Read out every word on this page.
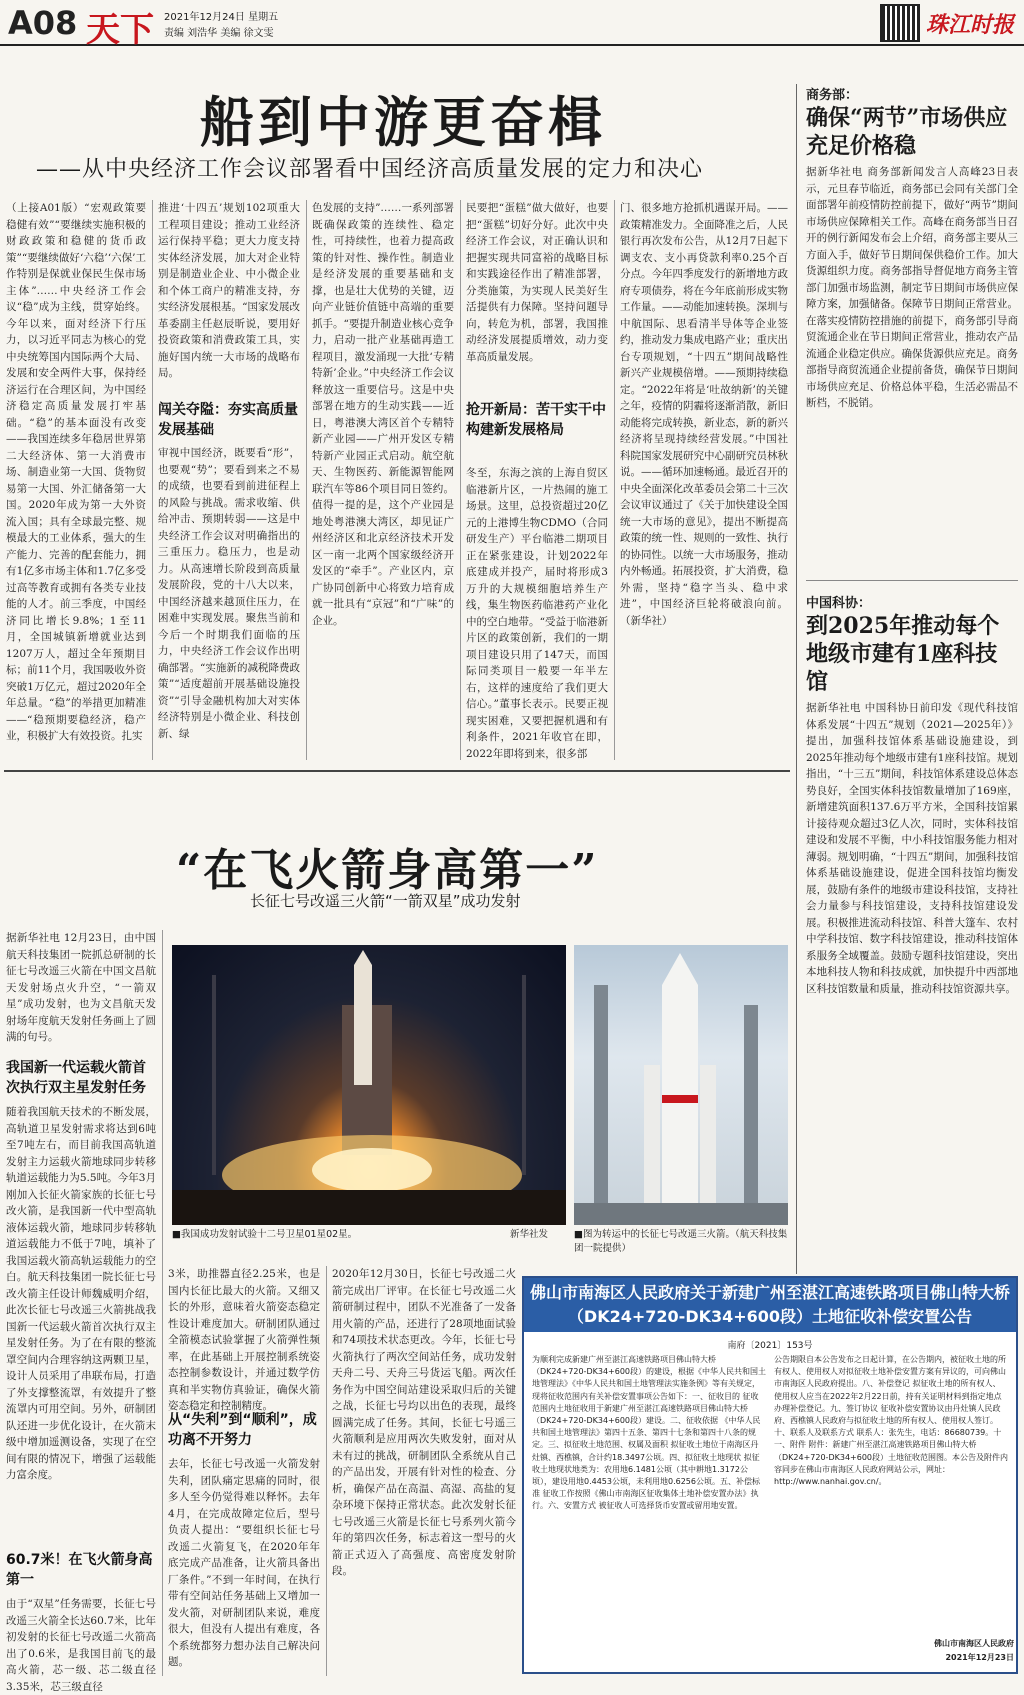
A08 天下 2021年12月24日 星期五
责编 刘浩华 美编 徐文雯	珠江时报
船到中游更奋楫
——从中央经济工作会议部署看中国经济高质量发展的定力和决心
（上接A01版）“宏观政策要稳健有效”“要继续实施积极的财政政策和稳健的货币政策”“要继续做好‘六稳’‘六保’工作特别是保就业保民生保市场主体”……中央经济工作会议“稳”成为主线，贯穿始终。今年以来，面对经济下行压力，以习近平同志为核心的党中央统筹国内国际两个大局、发展和安全两件大事，保持经济运行在合理区间，为中国经济稳定高质量发展打牢基础。“稳”的基本面没有改变——我国连续多年稳居世界第二大经济体、第一大消费市场、制造业第一大国、货物贸易第一大国、外汇储备第一大国。2020年成为第一大外资流入国；具有全球最完整、规模最大的工业体系，强大的生产能力、完善的配套能力，拥有1亿多市场主体和1.7亿多受过高等教育或拥有各类专业技能的人才。前三季度，中国经济同比增长9.8%；1至11月，全国城镇新增就业达到1207万人，超过全年预期目标；前11个月，我国吸收外资突破1万亿元，超过2020年全年总量。“稳”的举措更加精准——“稳预期要稳经济，稳产业，积极扩大有效投资。扎实
推进‘十四五’规划102项重大工程项目建设；推动工业经济运行保持平稳；更大力度支持实体经济发展，加大对企业特别是制造业企业、中小微企业和个体工商户的精准支持，夯实经济发展根基。“国家发展改革委副主任赵辰昕说，要用好投资政策和消费政策工具，实施好国内统一大市场的战略布局。
闯关夺隘：夯实高质量发展基础
审视中国经济，既要看“形”，也要观“势”；要看到来之不易的成绩，也要看到前进征程上的风险与挑战。需求收缩、供给冲击、预期转弱——这是中央经济工作会议对明确指出的三重压力。稳压力，也是动力。从高速增长阶段到高质量发展阶段，党的十八大以来，中国经济越来越顶住压力，在困难中实现发展。聚焦当前和今后一个时期我们面临的压力，中央经济工作会议作出明确部署。“实施新的减税降费政策”“适度超前开展基础设施投资”“引导金融机构加大对实体经济特别是小微企业、科技创新、绿
色发展的支持”……一系列部署既确保政策的连续性、稳定性，可持续性，也着力提高政策的针对性、操作性。制造业是经济发展的重要基础和支撑，也是壮大优势的关键，迈向产业链价值链中高端的重要抓手。“要提升制造业核心竞争力，启动一批产业基础再造工程项目，激发涌现一大批‘专精特新’企业。”中央经济工作会议释放这一重要信号。这是中央部署在地方的生动实践——近日，粤港澳大湾区首个专精特新产业园——广州开发区专精特新产业园正式启动。航空航天、生物医药、新能源智能网联汽车等86个项目同日签约。值得一提的是，这个产业园是地处粤港澳大湾区，却见证广州经济区和北京经济技术开发区一南一北两个国家级经济开发区的“牵手”。产业区内，京广协同创新中心将致力培育成就一批具有“京冠”和“广味”的企业。
民要把“蛋糕”做大做好，也要把“蛋糕”切好分好。此次中央经济工作会议，对正确认识和把握实现共同富裕的战略目标和实践途径作出了精准部署，分类施策，为实现人民美好生活提供有力保障。坚持问题导向，转危为机，部署，我国推动经济发展提质增效，动力变革高质量发展。
抢开新局：苦干实干中构建新发展格局
冬至，东海之滨的上海自贸区临港新片区，一片热闹的施工场景。这里，总投资超过20亿元的上港博生物CDMO（合同研发生产）平台临港二期项目正在紧张建设，计划2022年底建成并投产，届时将形成3万升的大规模细胞培养生产线，集生物医药临港药产业化中的空白地带。“受益于临港新片区的政策创新，我们的一期项目建设只用了147天，而国际同类项目一般要一年半左右，这样的速度给了我们更大信心。”董事长表示。民要正视现实困难，又要把握机遇和有利条件，2021年收官在即，2022年即将到来，很多部
门、很多地方抢抓机遇谋开局。——政策精准发力。全面降准之后，人民银行再次发布公告，从12月7日起下调支农、支小再贷款利率0.25个百分点。今年四季度发行的新增地方政府专项债券，将在今年底前形成实物工作量。——动能加速转换。深圳与中航国际、思看清半导体等企业签约，推动发力集成电路产业；重庆出台专项规划，“十四五”期间战略性新兴产业规模倍增。——预期持续稳定。“2022年将是‘吐故纳新’的关键之年，疫情的阴霾将逐渐消散，新旧动能将完成转换，新业态，新的新兴经济将呈现持续经营发展。”中国社科院国家发展研究中心副研究员林秋说。——循环加速畅通。最近召开的中央全面深化改革委员会第二十三次会议审议通过了《关于加快建设全国统一大市场的意见》，提出不断提高政策的统一性、规则的一致性、执行的协同性。以统一大市场服务，推动内外畅通。拓展投资，扩大消费，稳外需，坚持“稳字当头、稳中求进”，中国经济巨轮将破浪向前。（新华社）
商务部：
确保“两节”市场供应充足价格稳
据新华社电 商务部新闻发言人高峰23日表示，元旦春节临近，商务部已会同有关部门全面部署年前疫情防控前提下，做好“两节”期间市场供应保障相关工作。高峰在商务部当日召开的例行新闻发布会上介绍，商务部主要从三方面入手，做好节日期间保供稳价工作。加大货源组织力度。商务部指导督促地方商务主管部门加强市场监测，制定节日期间市场供应保障方案，加强储备。保障节日期间正常营业。在落实疫情防控措施的前提下，商务部引导商贸流通企业在节日期间正常营业，推动农产品流通企业稳定供应。确保货源供应充足。商务部指导商贸流通企业提前备货，确保节日期间市场供应充足、价格总体平稳，生活必需品不断档，不脱销。
中国科协：
到2025年推动每个地级市建有1座科技馆
据新华社电 中国科协日前印发《现代科技馆体系发展“十四五”规划（2021—2025年）》提出，加强科技馆体系基础设施建设，到2025年推动每个地级市建有1座科技馆。规划指出，“十三五”期间，科技馆体系建设总体态势良好，全国实体科技馆数量增加了169座，新增建筑面积137.6万平方米，全国科技馆累计接待观众超过3亿人次，同时，实体科技馆建设和发展不平衡，中小科技馆服务能力相对薄弱。规划明确，“十四五”期间，加强科技馆体系基础设施建设，促进全国科技馆均衡发展，鼓励有条件的地级市建设科技馆，支持社会力量参与科技馆建设，支持科技馆建设发展。积极推进流动科技馆、科普大篷车、农村中学科技馆、数字科技馆建设，推动科技馆体系服务全域覆盖。鼓励专题科技馆建设，突出本地科技人物和科技成就，加快提升中西部地区科技馆数量和质量，推动科技馆资源共享。
“在飞火箭身高第一”
长征七号改遥三火箭“一箭双星”成功发射
据新华社电 12月23日，由中国航天科技集团一院抓总研制的长征七号改遥三火箭在中国文昌航天发射场点火升空，“一箭双星”成功发射，也为文昌航天发射场年度航天发射任务画上了圆满的句号。
我国新一代运载火箭首次执行双主星发射任务
随着我国航天技术的不断发展，高轨道卫星发射需求将达到6吨至7吨左右，而目前我国高轨道发射主力运载火箭地球同步转移轨道运载能力为5.5吨。今年3月刚加入长征火箭家族的长征七号改火箭，是我国新一代中型高轨液体运载火箭，地球同步转移轨道运载能力不低于7吨，填补了我国运载火箭高轨运载能力的空白。航天科技集团一院长征七号改火箭主任设计师魏威明介绍，此次长征七号改遥三火箭挑战我国新一代运载火箭首次执行双主星发射任务。为了在有限的整流罩空间内合理容纳这两颗卫星，设计人员采用了串联布局，打造了外支撑整流罩，有效提升了整流罩内可用空间。另外，研制团队还进一步优化设计，在火箭末级中增加遥测设备，实现了在空间有限的情况下，增强了运载能力富余度。
60.7米！在飞火箭身高第一
由于“双星”任务需要，长征七号改遥三火箭全长达60.7米，比年初发射的长征七号改遥二火箭高出了0.6米，是我国目前飞的最高火箭，芯一级、芯二级直径3.35米，芯三级直径
■我国成功发射试验十二号卫星01星02星。	新华社发	■图为转运中的长征七号改遥三火箭。（航天科技集团一院提供）
3米，助推器直径2.25米，也是国内长征比最大的火箭。又细又长的外形，意味着火箭姿态稳定性设计难度加大。研制团队通过全箭模态试验掌握了火箭弹性频率，在此基础上开展控制系统姿态控制参数设计，并通过数学仿真和半实物仿真验证，确保火箭姿态稳定和控制精度。
从“失利”到“顺利”，成功离不开努力
去年，长征七号改遥一火箭发射失利，团队痛定思痛的同时，很多人至今仍觉得难以释怀。去年4月，在完成故障定位后，型号负责人提出：“要组织长征七号改遥二火箭复飞，在2020年年底完成产品准备，让火箭具备出厂条件。”不到一年时间，在执行带有空间站任务基础上又增加一发火箭，对研制团队来说，难度很大，但没有人提出有难度，各个系统都努力想办法自己解决问题。
2020年12月30日，长征七号改遥二火箭完成出厂评审。在长征七号改遥二火箭研制过程中，团队不光准备了一发备用火箭的产品，还进行了28项地面试验和74项技术状态更改。今年，长征七号火箭执行了两次空间站任务，成功发射天舟二号、天舟三号货运飞船。两次任务作为中国空间站建设采取归后的关键之战，长征七号均以出色的表现，最终圆满完成了任务。其间，长征七号遥三火箭顺利是应用两次失败发射，面对从未有过的挑战，研制团队全系统从自己的产品出发，开展有针对性的检查、分析，确保产品在高温、高湿、高盐的复杂环境下保持正常状态。此次发射长征七号改遥三火箭是长征七号系列火箭今年的第四次任务，标志着这一型号的火箭正式迈入了高强度、高密度发射阶段。
佛山市南海区人民政府关于新建广州至湛江高速铁路项目佛山特大桥（DK24+720-DK34+600段）土地征收补偿安置公告
南府〔2021〕153号
为顺利完成新建广州至湛江高速铁路项目佛山特大桥（DK24+720-DK34+600段）的建设，根据《中华人民共和国土地管理法》《中华人民共和国土地管理法实施条例》等有关规定，现将征收范围内有关补偿安置事项公告如下：一、征收目的 征收范围内土地征收用于新建广州至湛江高速铁路项目佛山特大桥（DK24+720-DK34+600段）建设。二、征收依据 《中华人民共和国土地管理法》第四十五条、第四十七条和第四十八条的规定。三、拟征收土地范围、权属及面积 拟征收土地位于南海区丹灶镇、西樵镇，合计约18.3497公顷。四、拟征收土地现状 拟征收土地现状地类为：农用地6.1481公顷（其中耕地1.3172公顷），建设用地0.4453公顷，未利用地0.6256公顷。五、补偿标准 征收工作按照《佛山市南海区征收集体土地补偿安置办法》执行。六、安置方式 被征收人可选择货币安置或留用地安置。
公告期限自本公告发布之日起计算，在公告期内，被征收土地的所有权人、使用权人对拟征收土地补偿安置方案有异议的，可向佛山市南海区人民政府提出。八、补偿登记 拟征收土地的所有权人、使用权人应当在2022年2月22日前，持有关证明材料到指定地点办理补偿登记。九、签订协议 征收补偿安置协议由丹灶镇人民政府、西樵镇人民政府与拟征收土地的所有权人、使用权人签订。十、联系人及联系方式 联系人：张先生，电话：86680739。十一、附件 附件：新建广州至湛江高速铁路项目佛山特大桥（DK24+720-DK34+600段）土地征收范围图。本公告及附件内容同步在佛山市南海区人民政府网站公示，网址：http://www.nanhai.gov.cn/。
佛山市南海区人民政府
2021年12月23日
